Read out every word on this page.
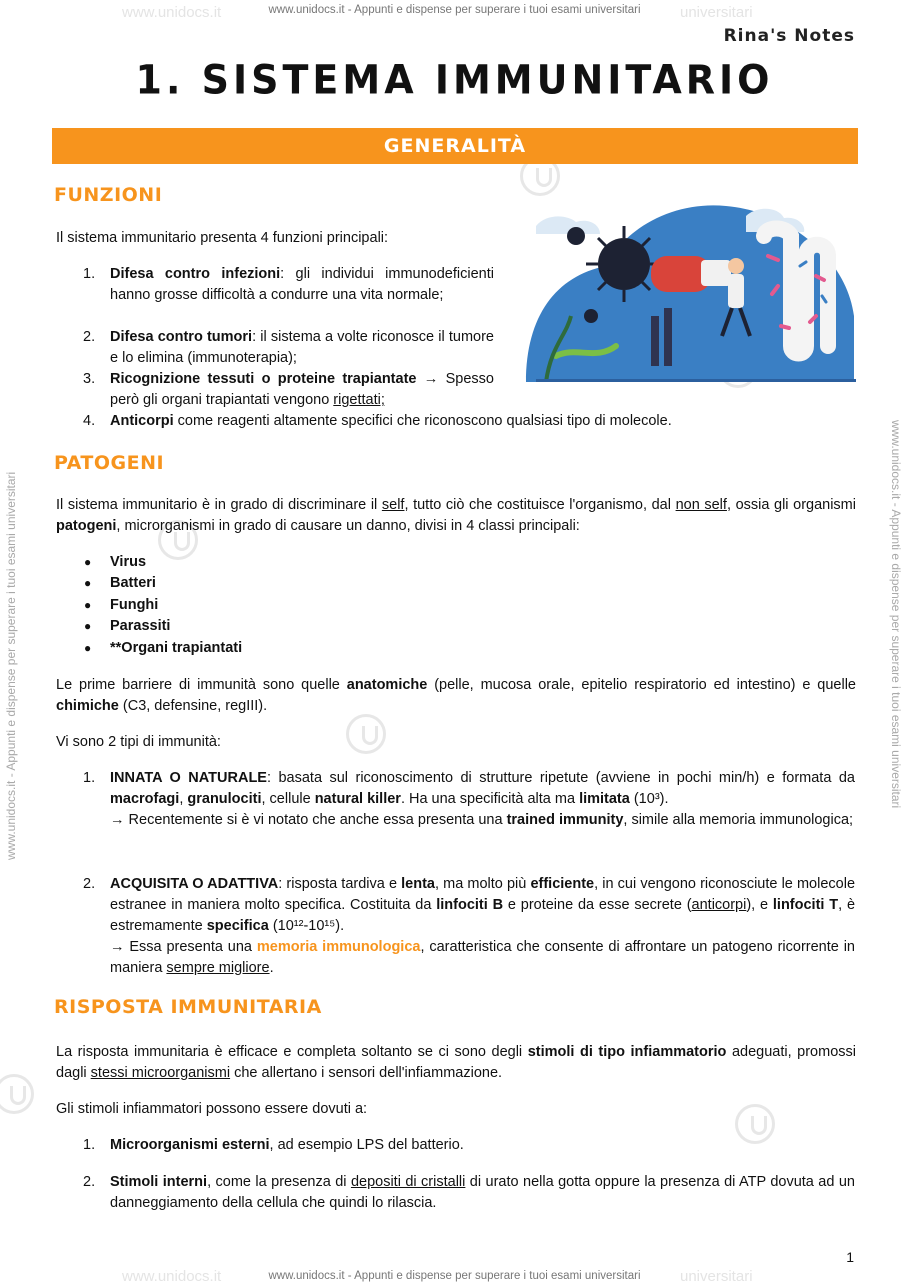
www.unidocs.it	universitari
www.unidocs.it - Appunti e dispense per superare i tuoi esami universitari
www.unidocs.it	universitari
www.unidocs.it - Appunti e dispense per superare i tuoi esami universitari
www.unidocs.it - Appunti e dispense per superare i tuoi esami universitari	www.unidocs.it - Appunti e dispense per superare i tuoi esami universitari
Rina's Notes
1. SISTEMA IMMUNITARIO
GENERALITÀ
FUNZIONI
Il sistema immunitario presenta 4 funzioni principali:
1. Difesa contro infezioni: gli individui immunodeficienti hanno grosse difficoltà a condurre una vita normale;
2. Difesa contro tumori: il sistema a volte riconosce il tumore e lo elimina (immunoterapia);
3. Ricognizione tessuti o proteine trapiantate → Spesso però gli organi trapiantati vengono rigettati;
4. Anticorpi come reagenti altamente specifici che riconoscono qualsiasi tipo di molecole.
PATOGENI
Il sistema immunitario è in grado di discriminare il self, tutto ciò che costituisce l'organismo, dal non self, ossia gli organismi patogeni, microrganismi in grado di causare un danno, divisi in 4 classi principali:
● Virus
● Batteri
● Funghi
● Parassiti
● **Organi trapiantati
Le prime barriere di immunità sono quelle anatomiche (pelle, mucosa orale, epitelio respiratorio ed intestino) e quelle chimiche (C3, defensine, regIII).
Vi sono 2 tipi di immunità:
1. INNATA O NATURALE: basata sul riconoscimento di strutture ripetute (avviene in pochi min/h) e formata da macrofagi, granulociti, cellule natural killer. Ha una specificità alta ma limitata (10³).
→ Recentemente si è vi notato che anche essa presenta una trained immunity, simile alla memoria immunologica;
2. ACQUISITA O ADATTIVA: risposta tardiva e lenta, ma molto più efficiente, in cui vengono riconosciute le molecole estranee in maniera molto specifica. Costituita da linfociti B e proteine da esse secrete (anticorpi), e linfociti T, è estremamente specifica (10¹²-10¹⁵).
→ Essa presenta una memoria immunologica, caratteristica che consente di affrontare un patogeno ricorrente in maniera sempre migliore.
RISPOSTA IMMUNITARIA
La risposta immunitaria è efficace e completa soltanto se ci sono degli stimoli di tipo infiammatorio adeguati, promossi dagli stessi microorganismi che allertano i sensori dell'infiammazione.
Gli stimoli infiammatori possono essere dovuti a:
1. Microorganismi esterni, ad esempio LPS del batterio.
2. Stimoli interni, come la presenza di depositi di cristalli di urato nella gotta oppure la presenza di ATP dovuta ad un danneggiamento della cellula che quindi lo rilascia.
1
